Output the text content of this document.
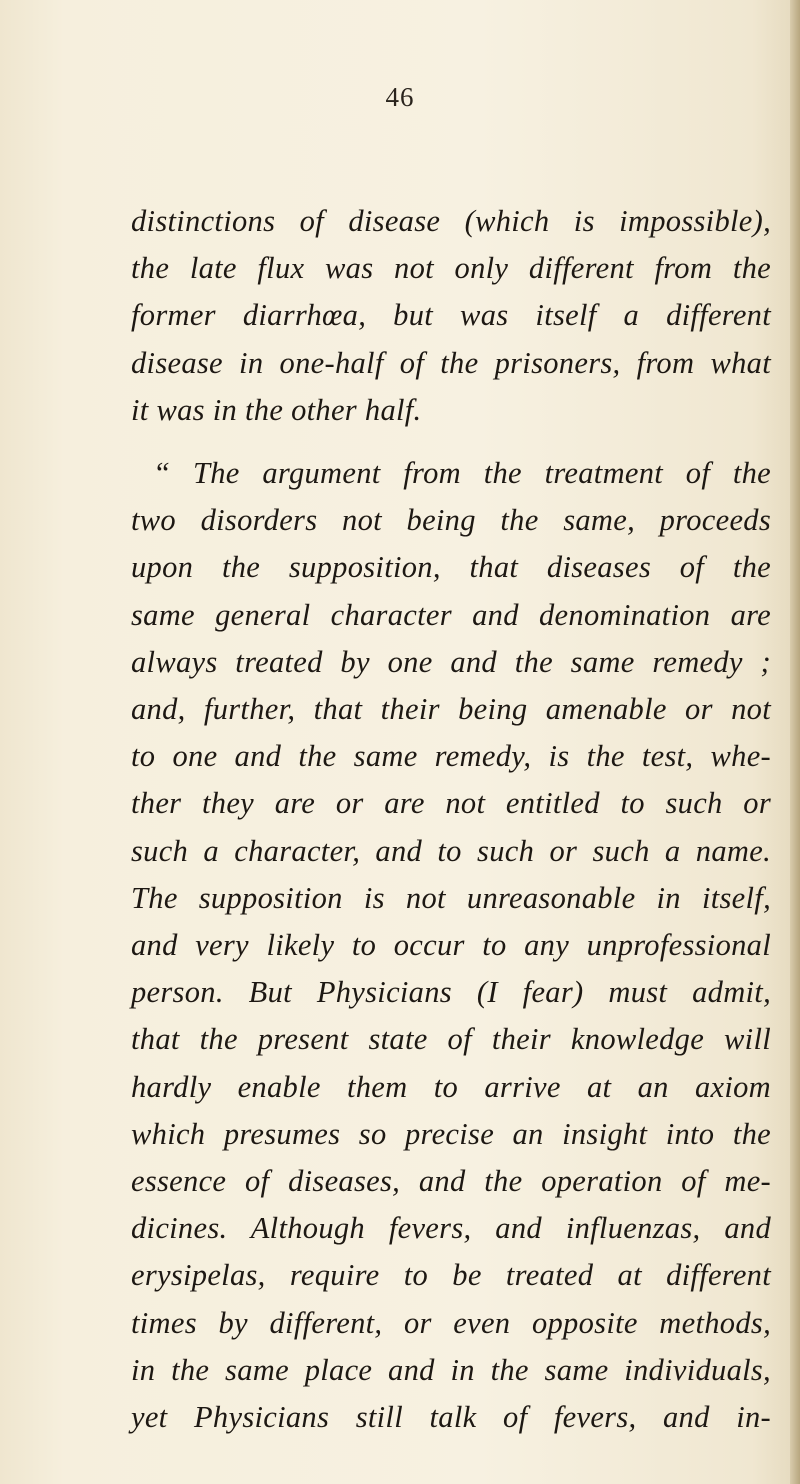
46
distinctions of disease (which is impossible),
the late flux was not only different from the
former diarrhœa, but was itself a different
disease in one-half of the prisoners, from what
it was in the other half.
“ The argument from the treatment of the
two disorders not being the same, proceeds
upon the supposition, that diseases of the
same general character and denomination are
always treated by one and the same remedy ;
and, further, that their being amenable or not
to one and the same remedy, is the test, whe-
ther they are or are not entitled to such or
such a character, and to such or such a name.
The supposition is not unreasonable in itself,
and very likely to occur to any unprofessional
person. But Physicians (I fear) must admit,
that the present state of their knowledge will
hardly enable them to arrive at an axiom
which presumes so precise an insight into the
essence of diseases, and the operation of me-
dicines. Although fevers, and influenzas, and
erysipelas, require to be treated at different
times by different, or even opposite methods,
in the same place and in the same individuals,
yet Physicians still talk of fevers, and in-
